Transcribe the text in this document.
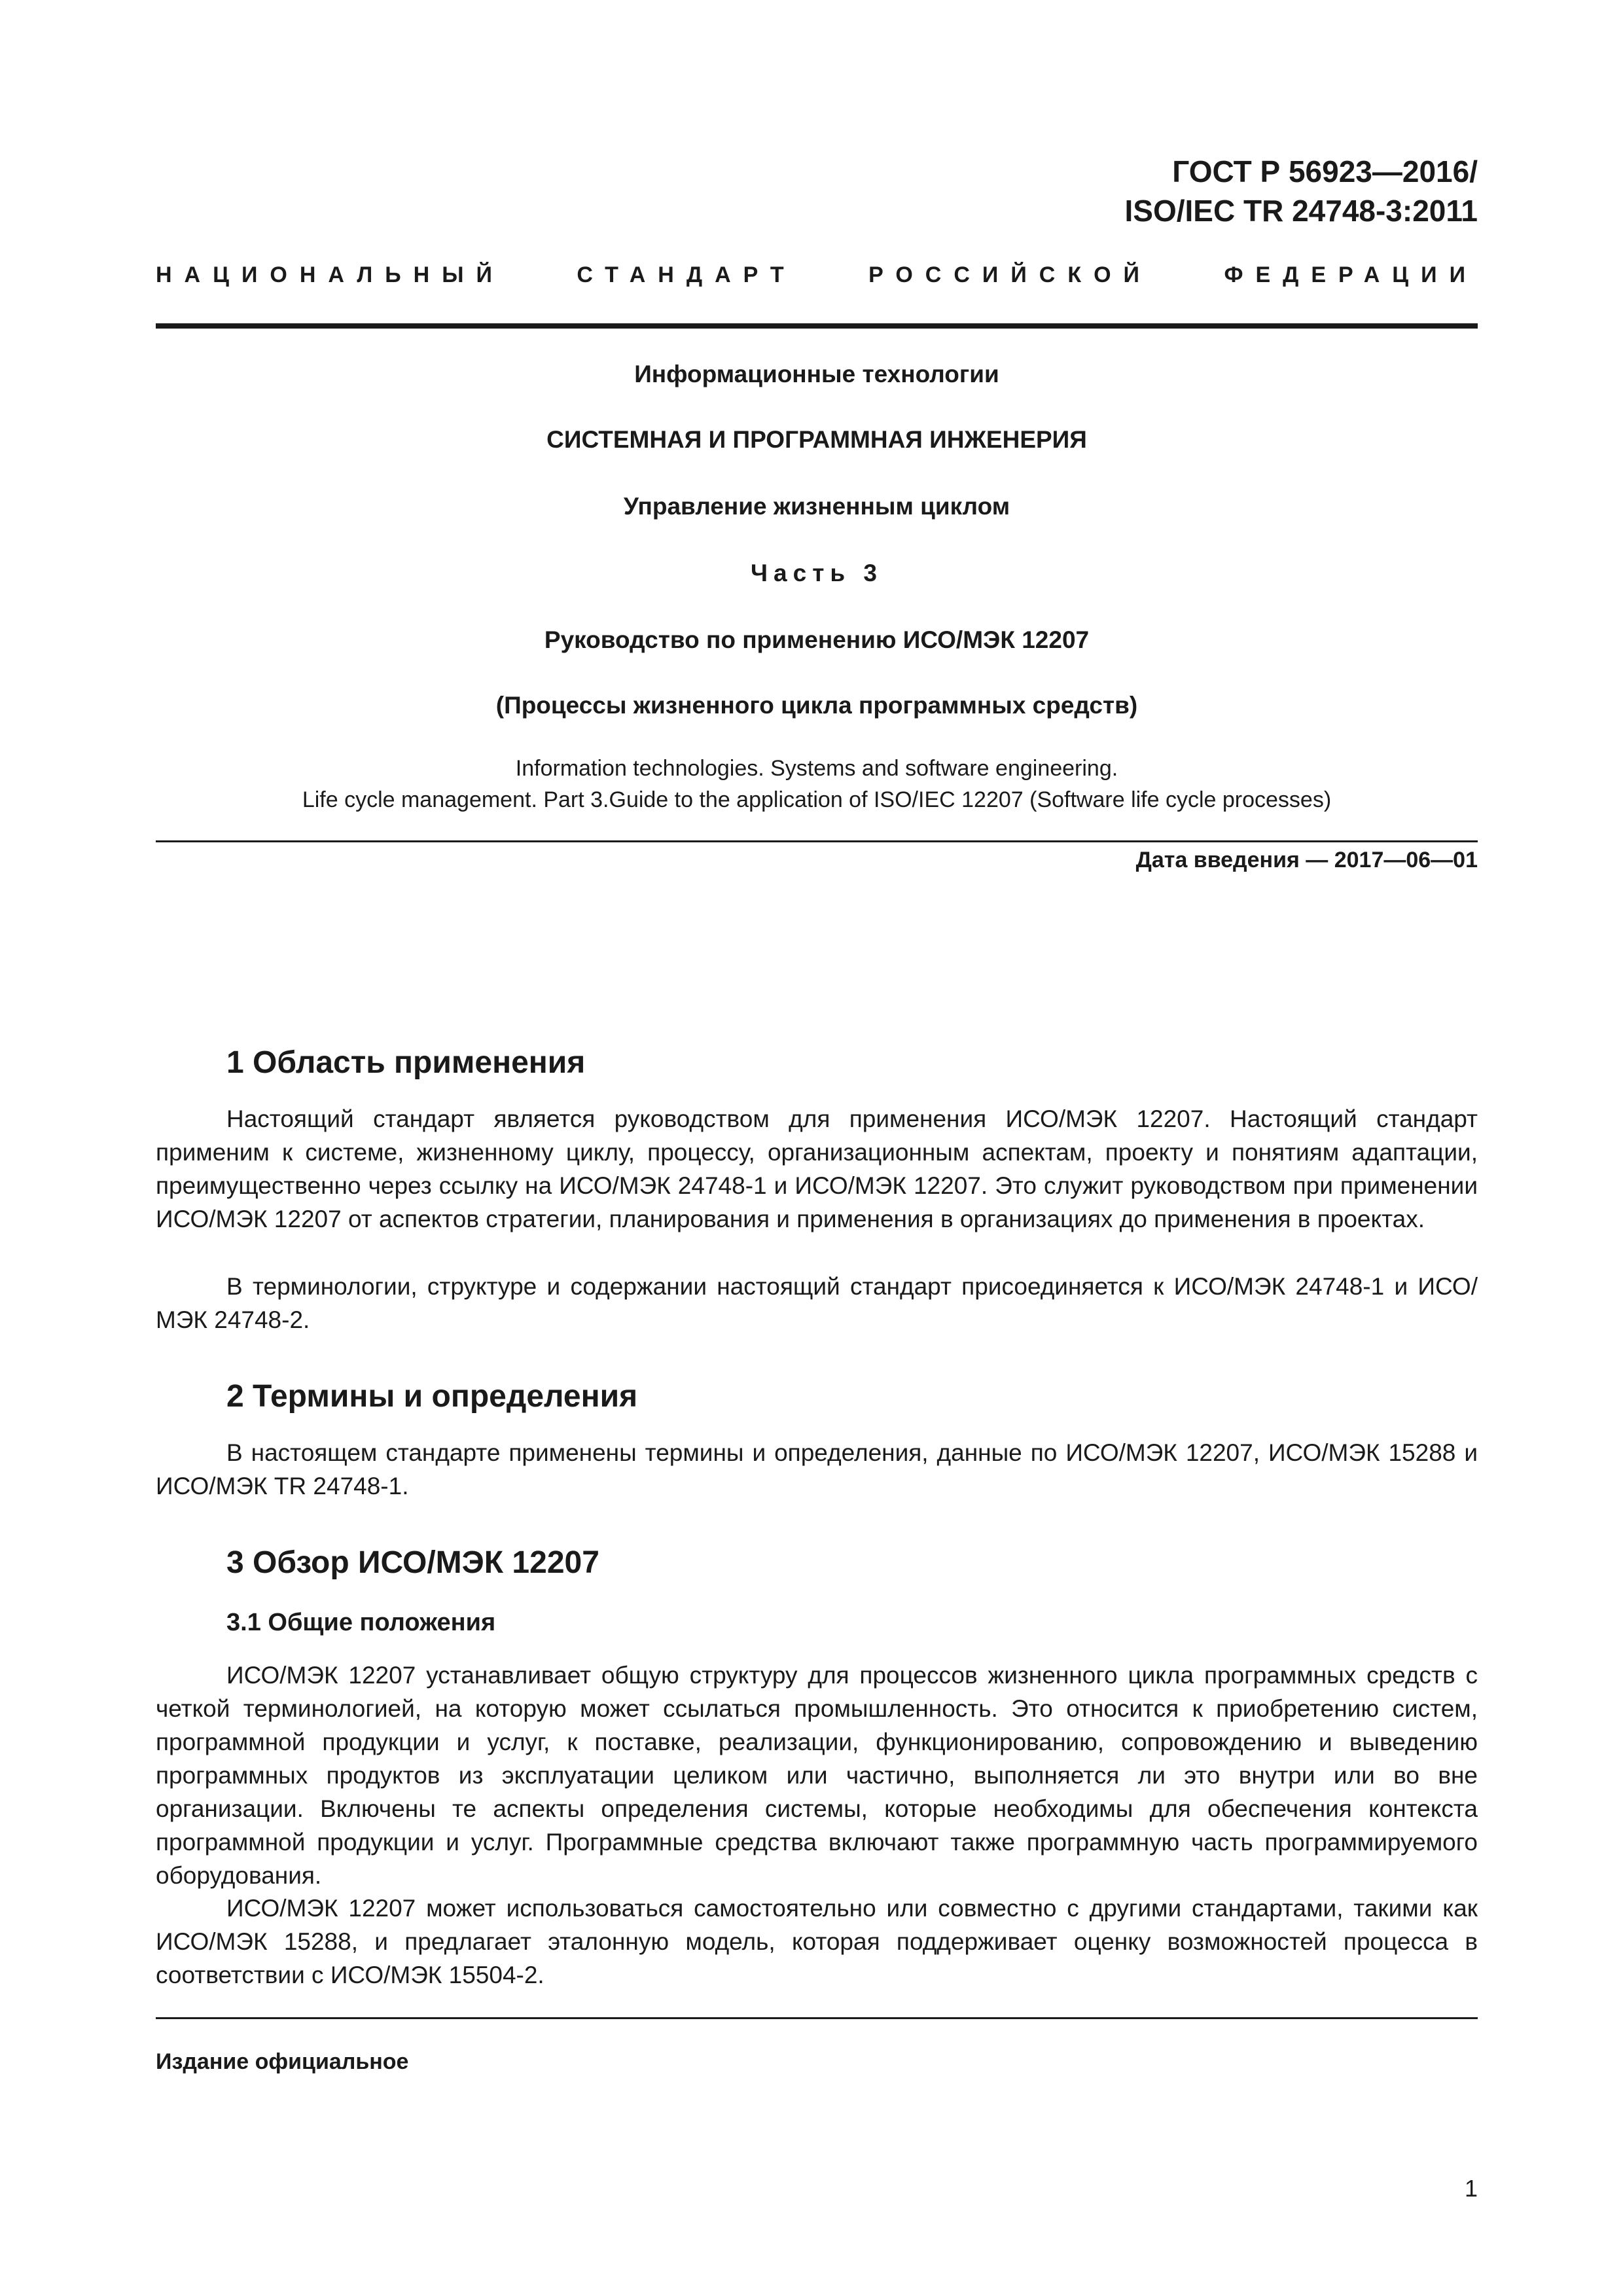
ГОСТ Р 56923—2016/
ISO/IEC TR 24748-3:2011
НАЦИОНАЛЬНЫЙ	СТАНДАРТ	РОССИЙСКОЙ	ФЕДЕРАЦИИ
Информационные технологии
СИСТЕМНАЯ И ПРОГРАММНАЯ ИНЖЕНЕРИЯ
Управление жизненным циклом
Часть 3
Руководство по применению ИСО/МЭК 12207
(Процессы жизненного цикла программных средств)
Information technologies. Systems and software engineering.
Life cycle management. Part 3.Guide to the application of ISO/IEC 12207 (Software life cycle processes)
Дата введения — 2017—06—01
1 Область применения

Настоящий стандарт является руководством для применения ИСО/МЭК 12207. Настоящий стандарт применим к системе, жизненному циклу, процессу, организационным аспектам, проекту и понятиям адаптации, преимущественно через ссылку на ИСО/МЭК 24748-1 и ИСО/МЭК 12207. Это служит руководством при применении ИСО/МЭК 12207 от аспектов стратегии, планирования и применения в организациях до применения в проектах.

В терминологии, структуре и содержании настоящий стандарт присоединяется к ИСО/МЭК 24748-1 и ИСО/МЭК 24748-2.

2 Термины и определения

В настоящем стандарте применены термины и определения, данные по ИСО/МЭК 12207, ИСО/МЭК 15288 и ИСО/МЭК TR 24748-1.

3 Обзор ИСО/МЭК 12207
3.1 Общие положения

ИСО/МЭК 12207 устанавливает общую структуру для процессов жизненного цикла программных средств с четкой терминологией, на которую может ссылаться промышленность. Это относится к приобретению систем, программной продукции и услуг, к поставке, реализации, функционированию, сопровождению и выведению программных продуктов из эксплуатации целиком или частично, выполняется ли это внутри или во вне организации. Включены те аспекты определения системы, которые необходимы для обеспечения контекста программной продукции и услуг. Программные средства включают также программную часть программируемого оборудования.

ИСО/МЭК 12207 может использоваться самостоятельно или совместно с другими стандартами, такими как ИСО/МЭК 15288, и предлагает эталонную модель, которая поддерживает оценку возможностей процесса в соответствии с ИСО/МЭК 15504-2.

Издание официальное
1
